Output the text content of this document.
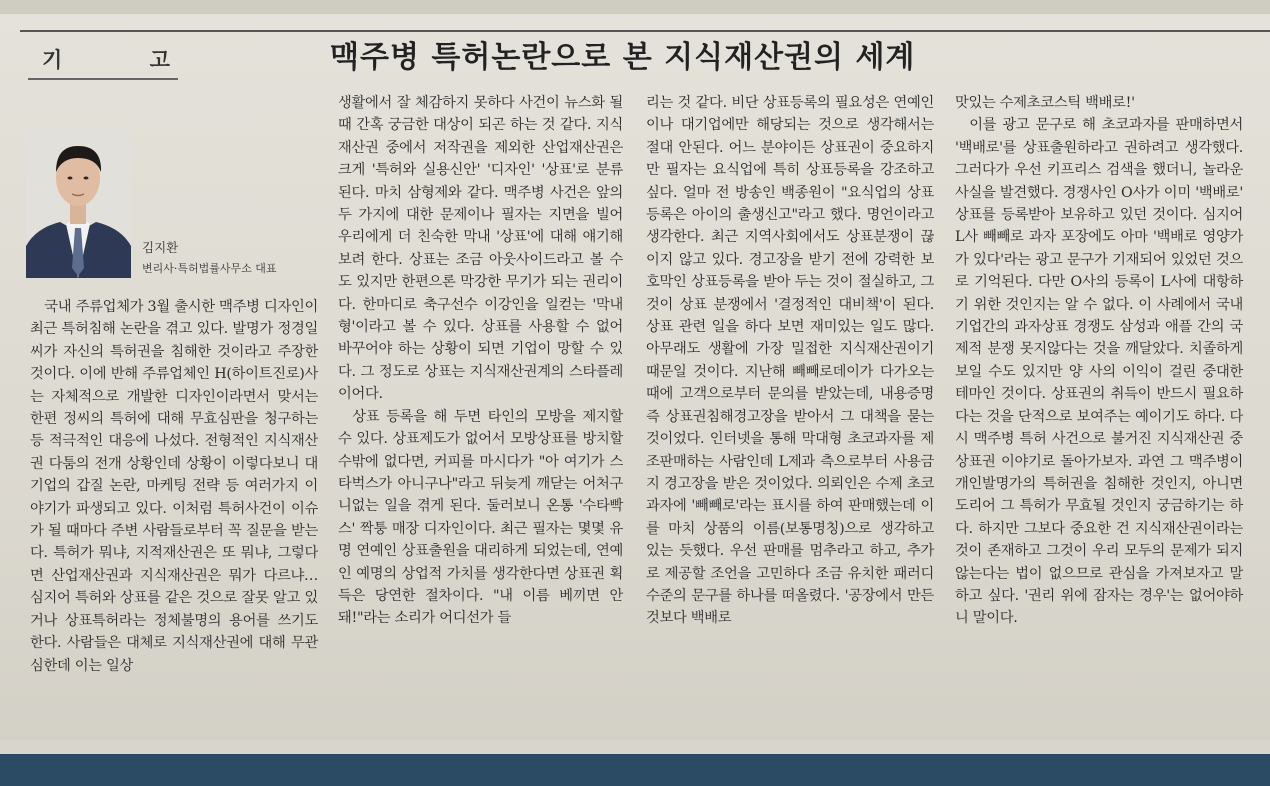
기 고	맥주병 특허논란으로 본 지식재산권의 세계
김지환
변리사·특허법률사무소 대표

국내 주류업체가 3월 출시한 맥주병 디자인이 최근 특허침해 논란을 겪고 있다. 발명가 정경일씨가 자신의 특허권을 침해한 것이라고 주장한 것이다. 이에 반해 주류업체인 H(하이트진로)사는 자체적으로 개발한 디자인이라면서 맞서는 한편 정씨의 특허에 대해 무효심판을 청구하는 등 적극적인 대응에 나섰다. 전형적인 지식재산권 다툼의 전개 상황인데 상황이 이렇다보니 대기업의 갑질 논란, 마케팅 전략 등 여러가지 이야기가 파생되고 있다. 이처럼 특허사건이 이슈가 될 때마다 주변 사람들로부터 꼭 질문을 받는다. 특허가 뭐냐, 지적재산권은 또 뭐냐, 그렇다면 산업재산권과 지식재산권은 뭐가 다르냐… 심지어 특허와 상표를 같은 것으로 잘못 알고 있거나 상표특허라는 정체불명의 용어를 쓰기도 한다. 사람들은 대체로 지식재산권에 대해 무관심한데 이는 일상

생활에서 잘 체감하지 못하다 사건이 뉴스화 될때 간혹 궁금한 대상이 되곤 하는 것 같다. 지식재산권 중에서 저작권을 제외한 산업재산권은 크게 '특허와 실용신안' '디자인' '상표'로 분류된다. 마치 삼형제와 같다. 맥주병 사건은 앞의 두 가지에 대한 문제이나 필자는 지면을 빌어 우리에게 더 친숙한 막내 '상표'에 대해 얘기해 보려 한다. 상표는 조금 아웃사이드라고 볼 수도 있지만 한편으론 막강한 무기가 되는 권리이다. 한마디로 축구선수 이강인을 일컫는 '막내형'이라고 볼 수 있다. 상표를 사용할 수 없어 바꾸어야 하는 상황이 되면 기업이 망할 수 있다. 그 정도로 상표는 지식재산권계의 스타플레이어다.

상표 등록을 해 두면 타인의 모방을 제지할 수 있다. 상표제도가 없어서 모방상표를 방치할 수밖에 없다면, 커피를 마시다가 "아 여기가 스타벅스가 아니구나"라고 뒤늦게 깨닫는 어처구니없는 일을 겪게 된다. 둘러보니 온통 '수타빡스' 짝퉁 매장 디자인이다. 최근 필자는 몇몇 유명 연예인 상표출원을 대리하게 되었는데, 연예인 예명의 상업적 가치를 생각한다면 상표권 획득은 당연한 절차이다. "내 이름 베끼면 안돼!"라는 소리가 어디선가 들

리는 것 같다. 비단 상표등록의 필요성은 연예인이나 대기업에만 해당되는 것으로 생각해서는 절대 안된다. 어느 분야이든 상표권이 중요하지만 필자는 요식업에 특히 상표등록을 강조하고 싶다. 얼마 전 방송인 백종원이 "요식업의 상표등록은 아이의 출생신고"라고 했다. 명언이라고 생각한다. 최근 지역사회에서도 상표분쟁이 끊이지 않고 있다. 경고장을 받기 전에 강력한 보호막인 상표등록을 받아 두는 것이 절실하고, 그것이 상표 분쟁에서 '결정적인 대비책'이 된다. 상표 관련 일을 하다 보면 재미있는 일도 많다. 아무래도 생활에 가장 밀접한 지식재산권이기 때문일 것이다. 지난해 빼빼로데이가 다가오는 때에 고객으로부터 문의를 받았는데, 내용증명 즉 상표권침해경고장을 받아서 그 대책을 묻는 것이었다. 인터넷을 통해 막대형 초코과자를 제조판매하는 사람인데 L제과 측으로부터 사용금지 경고장을 받은 것이었다. 의뢰인은 수제 초코과자에 '빼빼로'라는 표시를 하여 판매했는데 이를 마치 상품의 이름(보통명칭)으로 생각하고 있는 듯했다. 우선 판매를 멈추라고 하고, 추가로 제공할 조언을 고민하다 조금 유치한 패러디 수준의 문구를 하나를 떠올렸다. '공장에서 만든 것보다 백배로

맛있는 수제초코스틱 백배로!'

이를 광고 문구로 해 초코과자를 판매하면서 '백배로'를 상표출원하라고 권하려고 생각했다. 그러다가 우선 키프리스 검색을 했더니, 놀라운 사실을 발견했다. 경쟁사인 O사가 이미 '백배로' 상표를 등록받아 보유하고 있던 것이다. 심지어 L사 빼빼로 과자 포장에도 아마 '백배로 영양가가 있다'라는 광고 문구가 기재되어 있었던 것으로 기억된다. 다만 O사의 등록이 L사에 대항하기 위한 것인지는 알 수 없다. 이 사례에서 국내기업간의 과자상표 경쟁도 삼성과 애플 간의 국제적 분쟁 못지않다는 것을 깨달았다. 치졸하게 보일 수도 있지만 양 사의 이익이 걸린 중대한 테마인 것이다. 상표권의 취득이 반드시 필요하다는 것을 단적으로 보여주는 예이기도 하다. 다시 맥주병 특허 사건으로 불거진 지식재산권 중 상표권 이야기로 돌아가보자. 과연 그 맥주병이 개인발명가의 특허권을 침해한 것인지, 아니면 도리어 그 특허가 무효될 것인지 궁금하기는 하다. 하지만 그보다 중요한 건 지식재산권이라는 것이 존재하고 그것이 우리 모두의 문제가 되지 않는다는 법이 없으므로 관심을 가져보자고 말하고 싶다. '권리 위에 잠자는 경우'는 없어야하니 말이다.
